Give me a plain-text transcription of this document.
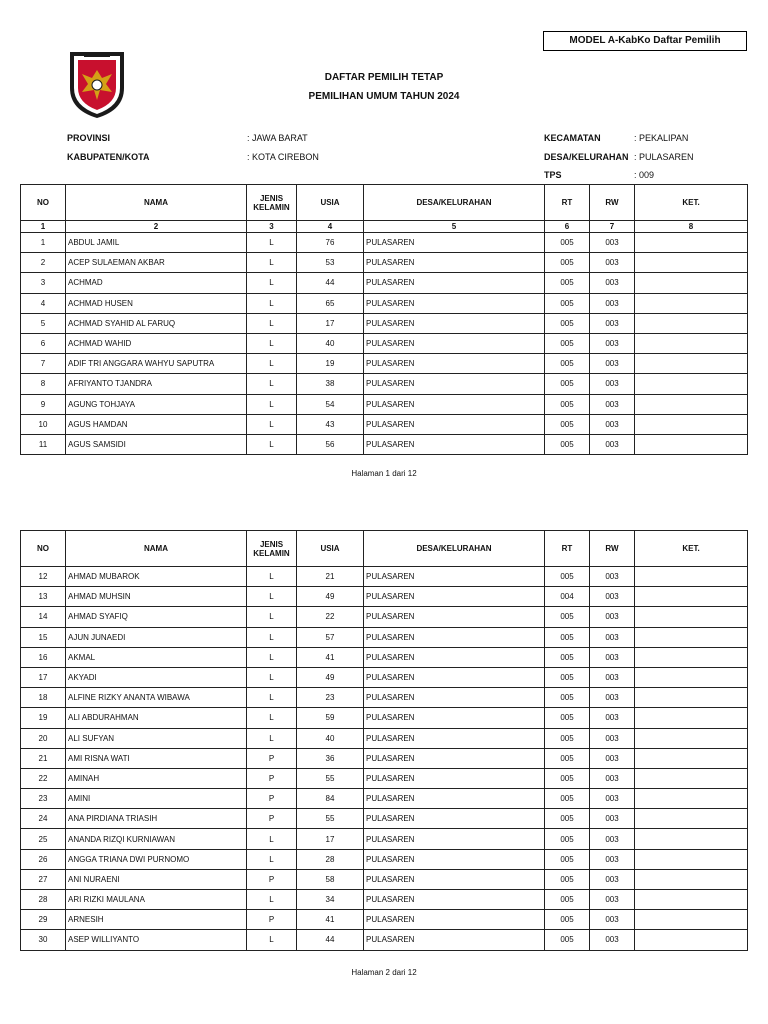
MODEL A-KabKo Daftar Pemilih
DAFTAR PEMILIH TETAP
PEMILIHAN UMUM TAHUN 2024
PROVINSI	: JAWA BARAT
KABUPATEN/KOTA	: KOTA CIREBON
KECAMATAN	: PEKALIPAN
DESA/KELURAHAN : PULASAREN
TPS	: 009
NO	NAMA	JENIS
KELAMIN	USIA	DESA/KELURAHAN	RT	RW	KET.
1	2	3	4	5	6	7	8
1	ABDUL JAMIL	L	76	PULASAREN	005	003	
2	ACEP SULAEMAN AKBAR	L	53	PULASAREN	005	003	
3	ACHMAD	L	44	PULASAREN	005	003	
4	ACHMAD HUSEN	L	65	PULASAREN	005	003	
5	ACHMAD SYAHID AL FARUQ	L	17	PULASAREN	005	003	
6	ACHMAD WAHID	L	40	PULASAREN	005	003	
7	ADIF TRI ANGGARA WAHYU SAPUTRA	L	19	PULASAREN	005	003	
8	AFRIYANTO TJANDRA	L	38	PULASAREN	005	003	
9	AGUNG TOHJAYA	L	54	PULASAREN	005	003	
10	AGUS HAMDAN	L	43	PULASAREN	005	003	
11	AGUS SAMSIDI	L	56	PULASAREN	005	003	
Halaman 1 dari 12
NO	NAMA	JENIS
KELAMIN	USIA	DESA/KELURAHAN	RT	RW	KET.
12	AHMAD MUBAROK	L	21	PULASAREN	005	003	
13	AHMAD MUHSIN	L	49	PULASAREN	004	003	
14	AHMAD SYAFIQ	L	22	PULASAREN	005	003	
15	AJUN JUNAEDI	L	57	PULASAREN	005	003	
16	AKMAL	L	41	PULASAREN	005	003	
17	AKYADI	L	49	PULASAREN	005	003	
18	ALFINE RIZKY ANANTA WIBAWA	L	23	PULASAREN	005	003	
19	ALI ABDURAHMAN	L	59	PULASAREN	005	003	
20	ALI SUFYAN	L	40	PULASAREN	005	003	
21	AMI RISNA WATI	P	36	PULASAREN	005	003	
22	AMINAH	P	55	PULASAREN	005	003	
23	AMINI	P	84	PULASAREN	005	003	
24	ANA PIRDIANA TRIASIH	P	55	PULASAREN	005	003	
25	ANANDA RIZQI KURNIAWAN	L	17	PULASAREN	005	003	
26	ANGGA TRIANA DWI PURNOMO	L	28	PULASAREN	005	003	
27	ANI NURAENI	P	58	PULASAREN	005	003	
28	ARI RIZKI MAULANA	L	34	PULASAREN	005	003	
29	ARNESIH	P	41	PULASAREN	005	003	
30	ASEP WILLIYANTO	L	44	PULASAREN	005	003	
Halaman 2 dari 12
